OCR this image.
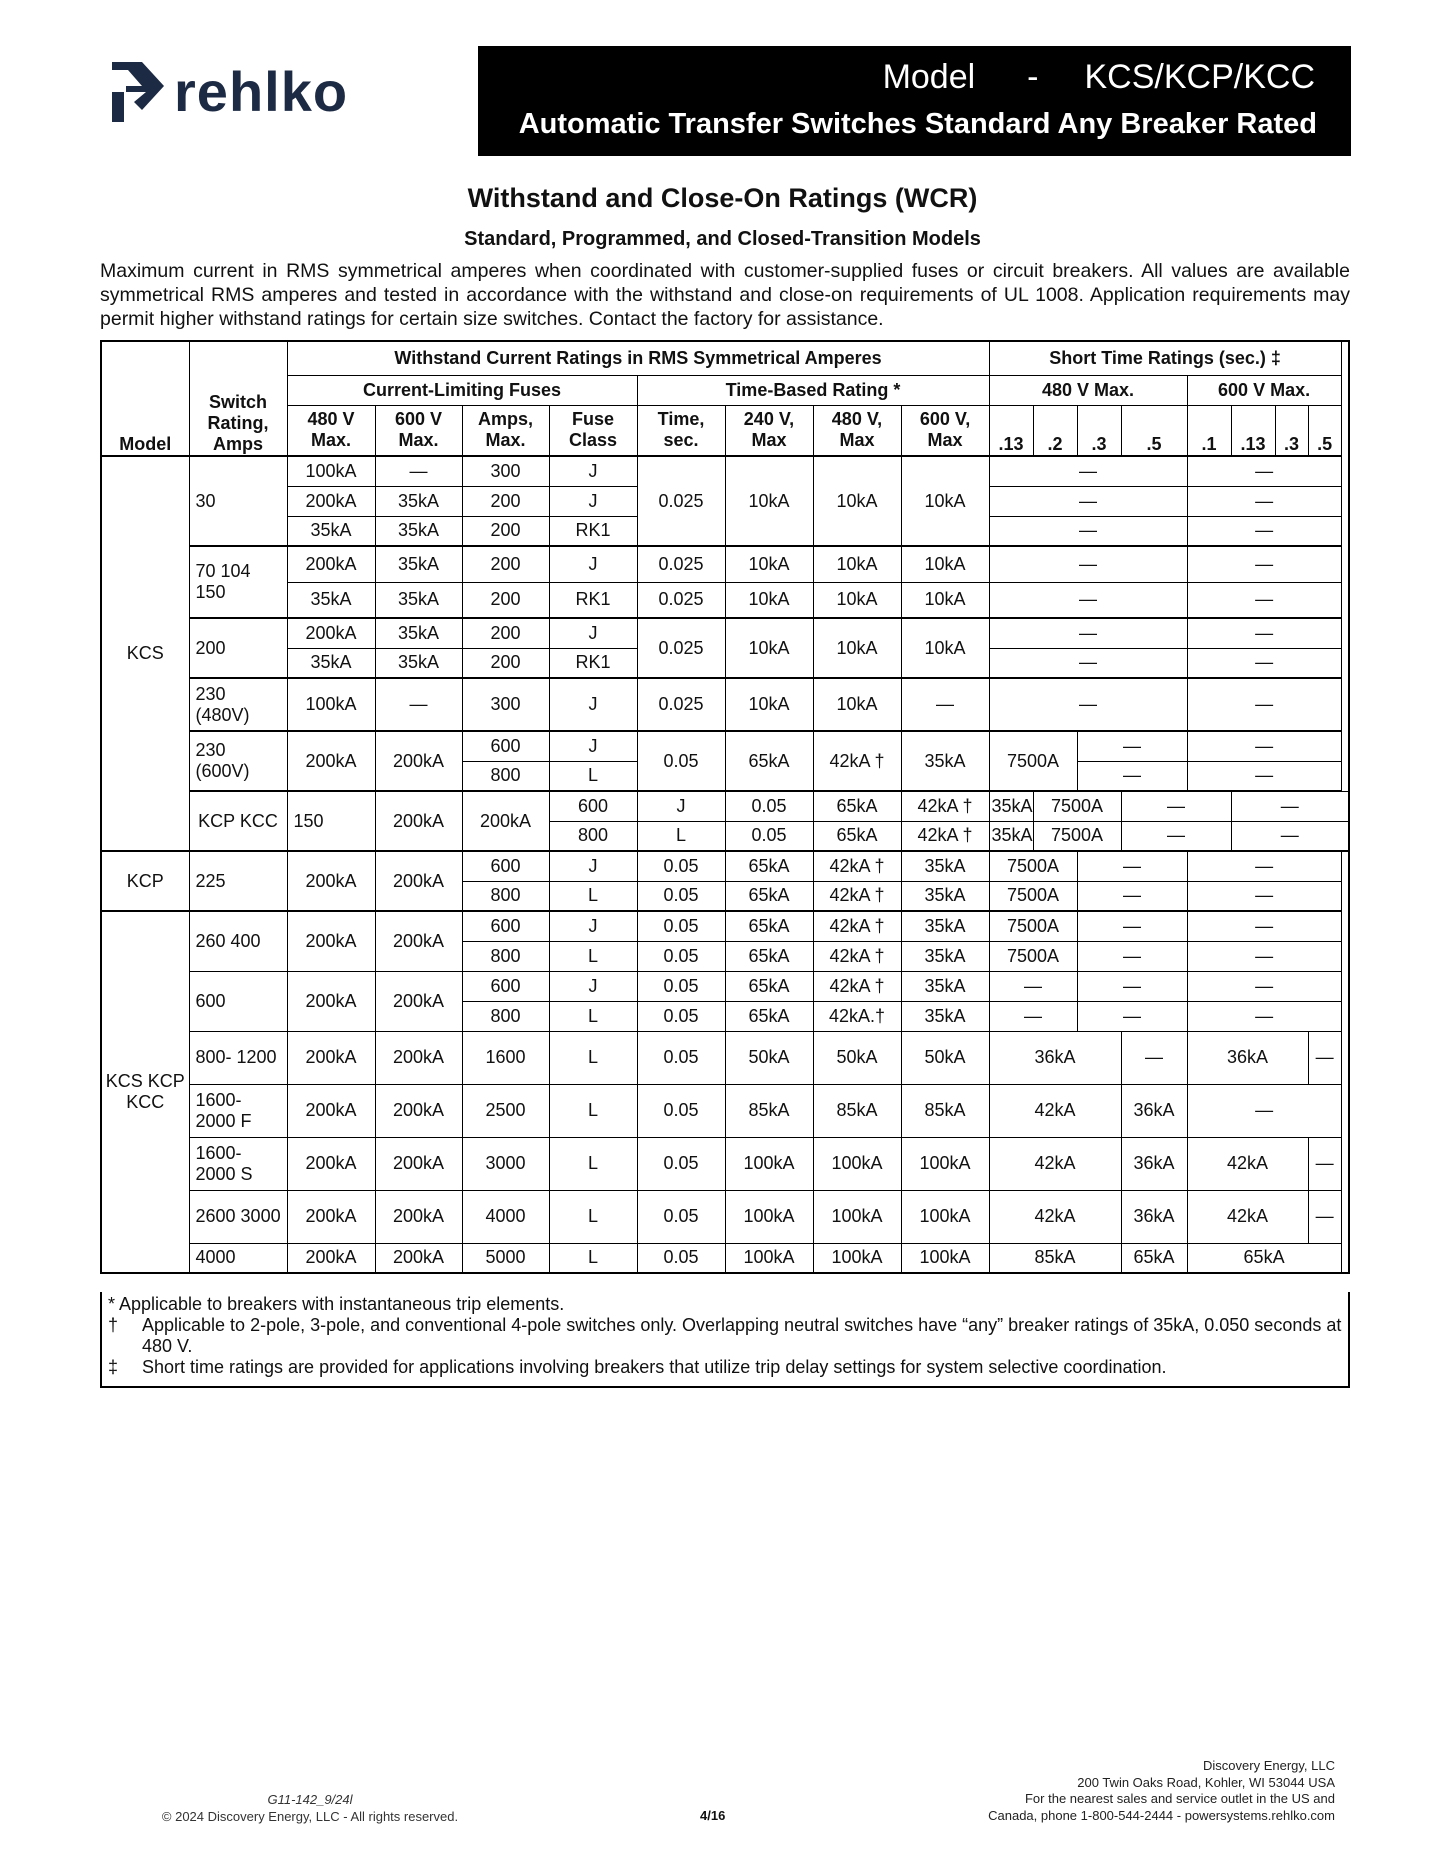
rehlko	Model - KCS/KCP/KCC
Automatic Transfer Switches Standard Any Breaker Rated
Withstand and Close-On Ratings (WCR)
Standard, Programmed, and Closed-Transition Models
Maximum current in RMS symmetrical amperes when coordinated with customer-supplied fuses or circuit breakers. All values are available symmetrical RMS amperes and tested in accordance with the withstand and close-on requirements of UL 1008. Application requirements may permit higher withstand ratings for certain size switches. Contact the factory for assistance.
Model	Switch Rating, Amps	Withstand Current Ratings in RMS Symmetrical Amperes								Short Time Ratings (sec.) ‡							
		Current-Limiting Fuses				Time-Based Rating *				480 V Max.				600 V Max.			
		480 V Max.	600 V Max.	Amps, Max.	Fuse Class	Time, sec.	240 V, Max	480 V, Max	600 V, Max	.13	.2	.3	.5	.1	.13	.3	.5
KCS	30	100kA	—	300	J	0.025	10kA	10kA	10kA	—				—			
		200kA	35kA	200	J					—				—			
		35kA	35kA	200	RK1					—				—			
	70 104 150	200kA	35kA	200	J	0.025	10kA	10kA	10kA	—				—			
		35kA	35kA	200	RK1	0.025	10kA	10kA	10kA	—				—			
	200	200kA	35kA	200	J	0.025	10kA	10kA	10kA	—				—			
		35kA	35kA	200	RK1					—				—			
	230 (480V)	100kA	—	300	J	0.025	10kA	10kA	—	—				—			
	230 (600V)	200kA	200kA	600	J	0.05	65kA	42kA †	35kA	7500A		—		—			
				800	L							—		—			
	KCP KCC	150	200kA	200kA	600	J	0.05	65kA	42kA †	35kA	7500A		—		—		
					800	L	0.05	65kA	42kA †	35kA	7500A		—		—		
KCP	225	200kA	200kA	600	J	0.05	65kA	42kA †	35kA	7500A		—		—			
				800	L	0.05	65kA	42kA †	35kA	7500A		—		—			
KCS KCP KCC	260 400	200kA	200kA	600	J	0.05	65kA	42kA †	35kA	7500A		—		—			
				800	L	0.05	65kA	42kA †	35kA	7500A		—		—			
	600	200kA	200kA	600	J	0.05	65kA	42kA †	35kA	—		—		—			
				800	L	0.05	65kA	42kA.†	35kA	—		—		—			
	800- 1200	200kA	200kA	1600	L	0.05	50kA	50kA	50kA	36kA			—	36kA			—
	1600- 2000 F	200kA	200kA	2500	L	0.05	85kA	85kA	85kA	42kA			36kA	—			
	1600- 2000 S	200kA	200kA	3000	L	0.05	100kA	100kA	100kA	42kA			36kA	42kA			—
	2600 3000	200kA	200kA	4000	L	0.05	100kA	100kA	100kA	42kA			36kA	42kA			—
	4000	200kA	200kA	5000	L	0.05	100kA	100kA	100kA	85kA			65kA	65kA			
* Applicable to breakers with instantaneous trip elements.
†	Applicable to 2-pole, 3-pole, and conventional 4-pole switches only. Overlapping neutral switches have “any” breaker ratings of 35kA, 0.050 seconds at 480 V.
‡	Short time ratings are provided for applications involving breakers that utilize trip delay settings for system selective coordination.
G11-142_9/24l
© 2024 Discovery Energy, LLC - All rights reserved.	4/16
Discovery Energy, LLC
200 Twin Oaks Road, Kohler, WI 53044 USA
For the nearest sales and service outlet in the US and
Canada, phone 1-800-544-2444 - powersystems.rehlko.com
